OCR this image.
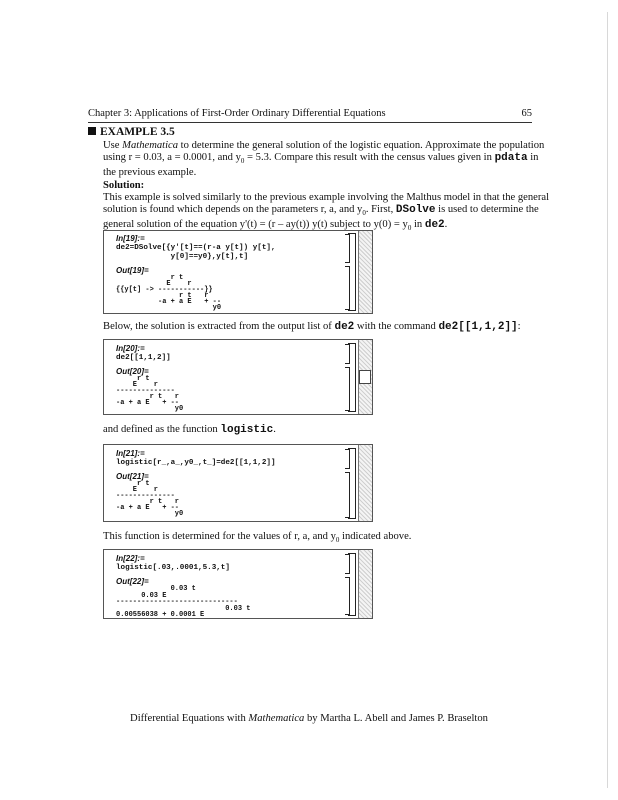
Chapter 3: Applications of First-Order Ordinary Differential Equations	65
EXAMPLE 3.5
Use Mathematica to determine the general solution of the logistic equation. Approximate the population
using r = 0.03, a = 0.0001, and $y_0 = 5.3$. Compare this result with the census values given in pdata in
the previous example.
Solution:
This example is solved similarly to the previous example involving the Malthus model in that the general
solution is found which depends on the parameters r, a, and $y_0$. First, DSolve is used to determine the
general solution of the equation y'(t) = (r – ay(t)) y(t) subject to $y(0) = y_0$ in de2.
In[19]:=
de2=DSolve[{y'[t]==(r-a y[t]) y[t],
y[0]==y0},y[t],t]
Out[19]=
r t
E    r
{{y[t] -> -----------}}
r t   r
-a + a E   + --
y0
Below, the solution is extracted from the output list of de2 with the command de2[[1,1,2]]:
In[20]:=
de2[[1,1,2]]
Out[20]=
r t
E    r
--------------
r t   r
-a + a E   + --
y0
and defined as the function logistic.
In[21]:=
logistic[r_,a_,y0_,t_]=de2[[1,1,2]]
Out[21]=
r t
E    r
--------------
r t   r
-a + a E   + --
y0
This function is determined for the values of r, a, and $y_0$ indicated above.
In[22]:=
logistic[.03,.0001,5.3,t]
Out[22]=
0.03 t
0.03 E
-----------------------------
0.03 t
0.00556038 + 0.0001 E
Differential Equations with Mathematica by Martha L. Abell and James P. Braselton
